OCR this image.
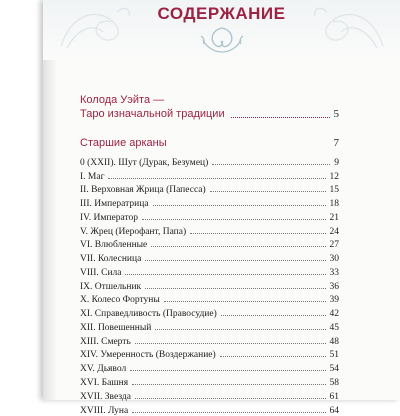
СОДЕРЖАНИЕ
Колода Уэйта —
Таро изначальной традиции	5
Старшие арканы	7
0 (XXII). Шут (Дурак, Безумец)	9
I. Маг	12
II. Верховная Жрица (Папесса)	15
III. Императрица	18
IV. Император	21
V. Жрец (Иерофант, Папа)	24
VI. Влюбленные	27
VII. Колесница	30
VIII. Сила	33
IX. Отшельник	36
X. Колесо Фортуны	39
XI. Справедливость (Правосудие)	42
XII. Повешенный	45
XIII. Смерть	48
XIV. Умеренность (Воздержание)	51
XV. Дьявол	54
XVI. Башня	58
XVII. Звезда	61
XVIII. Луна	64
